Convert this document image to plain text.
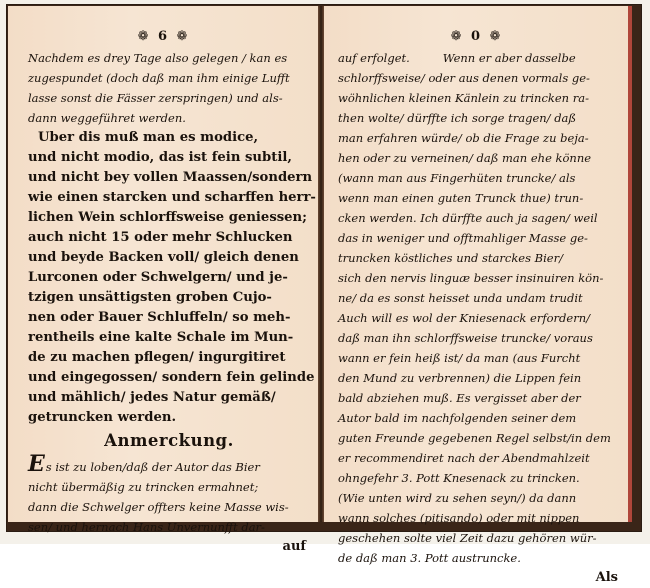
❁ 6 ❁
Nachdem es drey Tage also gelegen / kan es
zugespundet (doch daß man ihm einige Lufft
lasse sonst die Fässer zerspringen) und als-
dann weggeführet werden.
Uber dis muß man es modice,
und nicht modio, das ist fein subtil,
und nicht bey vollen Maassen/sondern
wie einen starcken und scharffen herr-
lichen Wein schlorffsweise geniessen;
auch nicht 15 oder mehr Schlucken
und beyde Backen voll/ gleich denen
Lurconen oder Schwelgern/ und je-
tzigen unsättigsten groben Cujo-
nen oder Bauer Schluffeln/ so meh-
rentheils eine kalte Schale im Mun-
de zu machen pflegen/ ingurgitiret
und eingegossen/ sondern fein gelinde
und mählich/ jedes Natur gemäß/
getruncken werden.
Anmerckung.
Es ist zu loben/daß der Autor das Bier
nicht übermäßig zu trincken ermahnet;
dann die Schwelger offters keine Masse wis-
sen/ und hernach Hans Unvernunfft dar-
auf
❁ 0 ❁
auf erfolget.	Wenn er aber dasselbe
schlorffsweise/ oder aus denen vormals ge-
wöhnlichen kleinen Känlein zu trincken ra-
then wolte/ dürffte ich sorge tragen/ daß
man erfahren würde/ ob die Frage zu beja-
hen oder zu verneinen/ daß man ehe könne
(wann man aus Fingerhüten truncke/ als
wenn man einen guten Trunck thue) trun-
cken werden. Ich dürffte auch ja sagen/ weil
das in weniger und offtmahliger Masse ge-
truncken köstliches und starckes Bier/
sich den nervis linguæ besser insinuiren kön-
ne/ da es sonst heisset unda undam trudit
Auch will es wol der Kniesenack erfordern/
daß man ihn schlorffsweise truncke/ voraus
wann er fein heiß ist/ da man (aus Furcht
den Mund zu verbrennen) die Lippen fein
bald abziehen muß. Es vergisset aber der
Autor bald im nachfolgenden seiner dem
guten Freunde gegebenen Regel selbst/in dem
er recommendiret nach der Abendmahlzeit
ohngefehr 3. Pott Knesenack zu trincken.
(Wie unten wird zu sehen seyn/) da dann
wann solches (pitisando) oder mit nippen
geschehen solte viel Zeit dazu gehören wür-
de daß man 3. Pott austruncke.
Als
